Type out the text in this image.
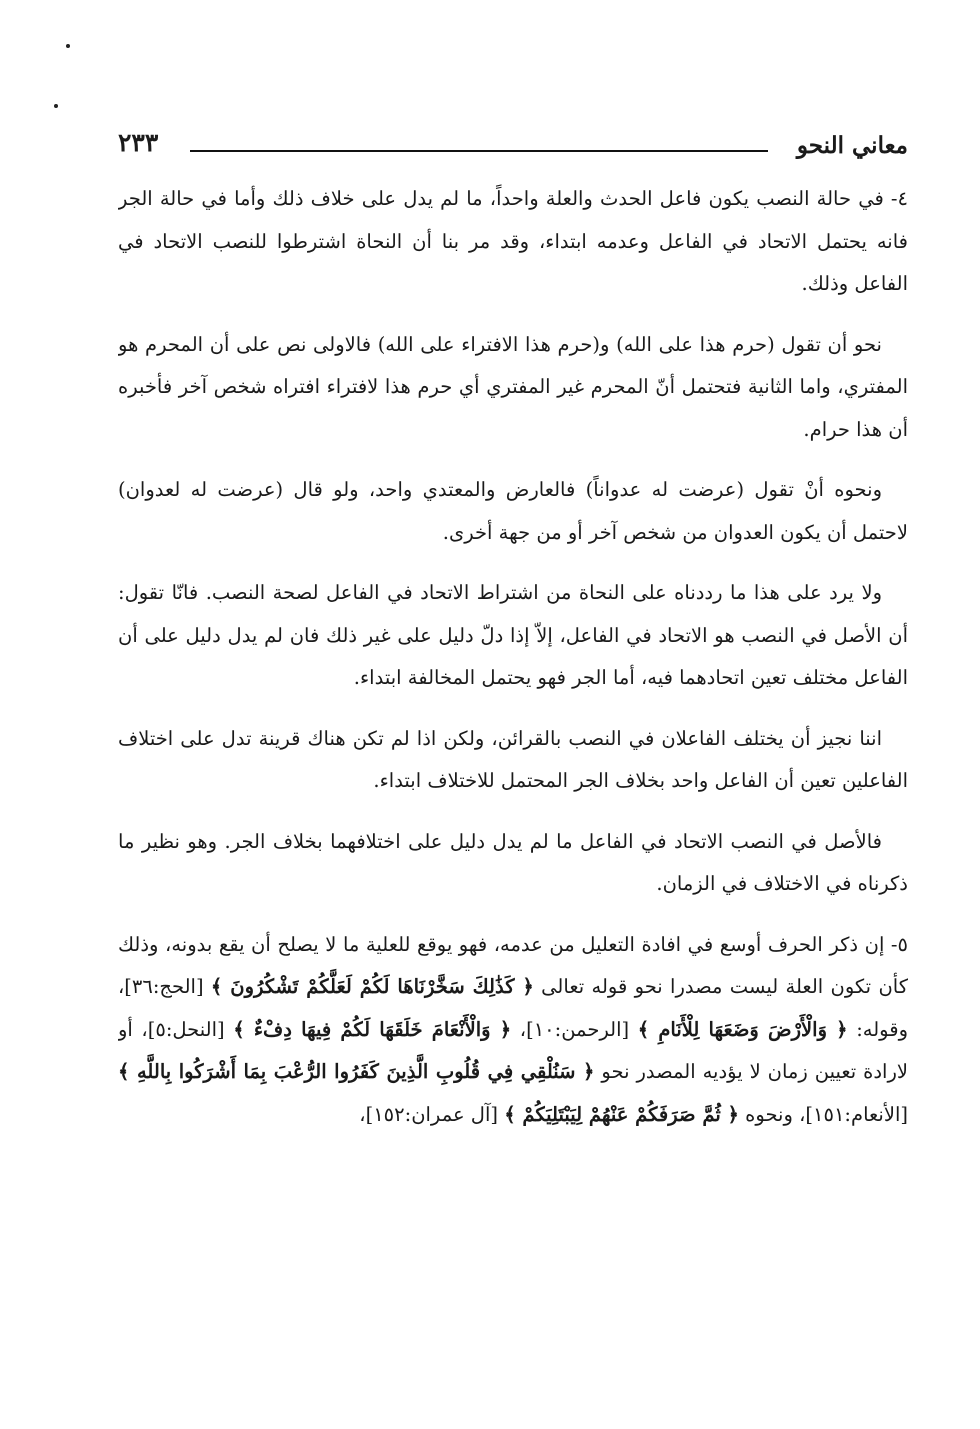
معاني النحو
٢٣٣

٤- في حالة النصب يكون فاعل الحدث والعلة واحداً، ما لم يدل على خلاف ذلك وأما في حالة الجر فانه يحتمل الاتحاد في الفاعل وعدمه ابتداء، وقد مر بنا أن النحاة اشترطوا للنصب الاتحاد في الفاعل وذلك.

نحو أن تقول (حرم هذا على الله) و(حرم هذا الافتراء على الله) فالاولى نص على أن المحرم هو المفتري، واما الثانية فتحتمل أنّ المحرم غير المفتري أي حرم هذا لافتراء افتراه شخص آخر فأخبره أن هذا حرام.

ونحوه أنْ تقول (عرضت له عدواناً) فالعارض والمعتدي واحد، ولو قال (عرضت له لعدوان) لاحتمل أن يكون العدوان من شخص آخر أو من جهة أخرى.

ولا يرد على هذا ما رددناه على النحاة من اشتراط الاتحاد في الفاعل لصحة النصب. فانّا تقول: أن الأصل في النصب هو الاتحاد في الفاعل، إلاّ إذا دلّ دليل على غير ذلك فان لم يدل دليل على أن الفاعل مختلف تعين اتحادهما فيه، أما الجر فهو يحتمل المخالفة ابتداء.

اننا نجيز أن يختلف الفاعلان في النصب بالقرائن، ولكن اذا لم تكن هناك قرينة تدل على اختلاف الفاعلين تعين أن الفاعل واحد بخلاف الجر المحتمل للاختلاف ابتداء.

فالأصل في النصب الاتحاد في الفاعل ما لم يدل دليل على اختلافهما بخلاف الجر. وهو نظير ما ذكرناه في الاختلاف في الزمان.

٥- إن ذكر الحرف أوسع في افادة التعليل من عدمه، فهو يوقع للعلية ما لا يصلح أن يقع بدونه، وذلك كأن تكون العلة ليست مصدرا نحو قوله تعالى ﴿ كَذَٰلِكَ سَخَّرْنَاهَا لَكُمْ لَعَلَّكُمْ تَشْكُرُونَ ﴾ [الحج:٣٦]، وقوله: ﴿ وَالْأَرْضَ وَضَعَهَا لِلْأَنَامِ ﴾ [الرحمن:١٠]، ﴿ وَالْأَنْعَامَ خَلَقَهَا لَكُمْ فِيهَا دِفْءٌ ﴾ [النحل:٥]، أو لارادة تعيين زمان لا يؤديه المصدر نحو ﴿ سَنُلْقِي فِي قُلُوبِ الَّذِينَ كَفَرُوا الرُّعْبَ بِمَا أَشْرَكُوا بِاللَّهِ ﴾ [الأنعام:١٥١]، ونحوه ﴿ ثُمَّ صَرَفَكُمْ عَنْهُمْ لِيَبْتَلِيَكُمْ ﴾ [آل عمران:١٥٢]،
